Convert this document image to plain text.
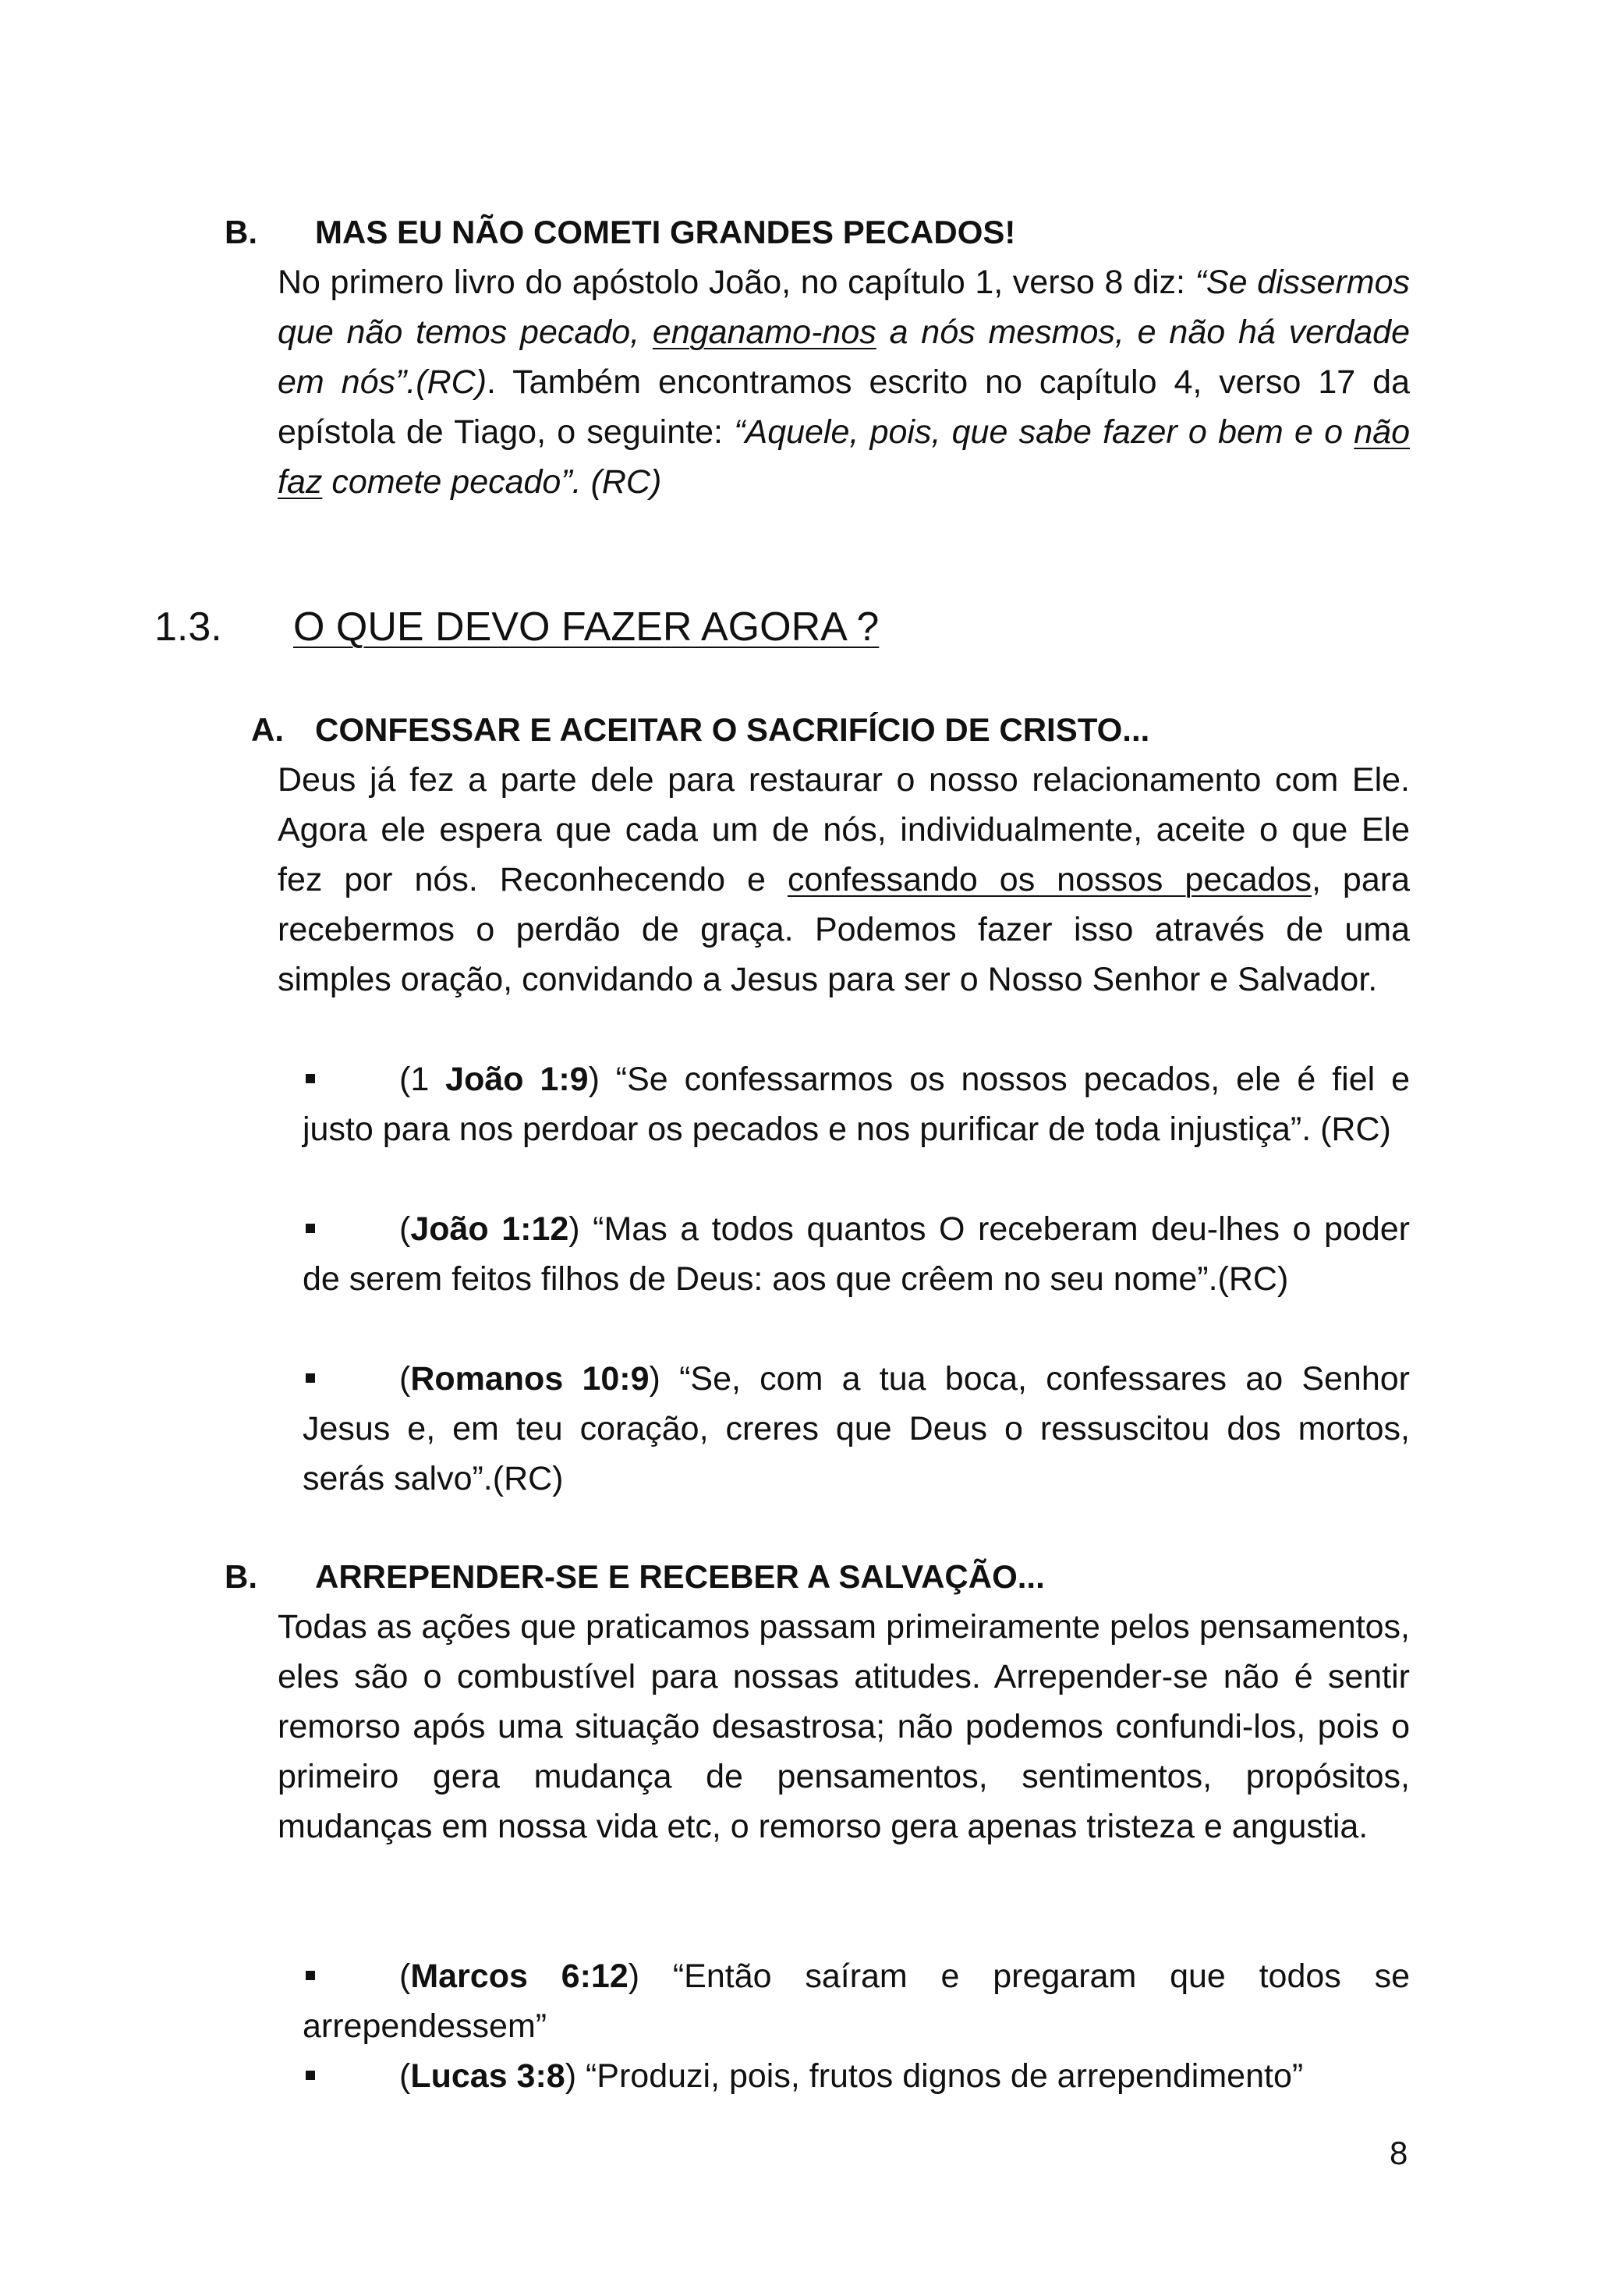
B. MAS EU NÃO COMETI GRANDES PECADOS!
No primero livro do apóstolo João, no capítulo 1, verso 8 diz: “Se dissermos que não temos pecado, enganamo-nos a nós mesmos, e não há verdade em nós”.(RC). Também encontramos escrito no capítulo 4, verso 17 da epístola de Tiago, o seguinte: “Aquele, pois, que sabe fazer o bem e o não faz comete pecado”. (RC)
1.3. O QUE DEVO FAZER AGORA ?
A. CONFESSAR E ACEITAR O SACRIFÍCIO DE CRISTO...
Deus já fez a parte dele para restaurar o nosso relacionamento com Ele. Agora ele espera que cada um de nós, individualmente, aceite o que Ele fez por nós. Reconhecendo e confessando os nossos pecados, para recebermos o perdão de graça. Podemos fazer isso através de uma simples oração, convidando a Jesus para ser o Nosso Senhor e Salvador.
(1 João 1:9) “Se confessarmos os nossos pecados, ele é fiel e justo para nos perdoar os pecados e nos purificar de toda injustiça”. (RC)
(João 1:12) “Mas a todos quantos O receberam deu-lhes o poder de serem feitos filhos de Deus: aos que crêem no seu nome”.(RC)
(Romanos 10:9) “Se, com a tua boca, confessares ao Senhor Jesus e, em teu coração, creres que Deus o ressuscitou dos mortos, serás salvo”.(RC)
B. ARREPENDER-SE E RECEBER A SALVAÇÃO...
Todas as ações que praticamos passam primeiramente pelos pensamentos, eles são o combustível para nossas atitudes. Arrepender-se não é sentir remorso após uma situação desastrosa; não podemos confundi-los, pois o primeiro gera mudança de pensamentos, sentimentos, propósitos, mudanças em nossa vida etc, o remorso gera apenas tristeza e angustia.
(Marcos 6:12) “Então saíram e pregaram que todos se arrependessem”
(Lucas 3:8) “Produzi, pois, frutos dignos de arrependimento”
8
